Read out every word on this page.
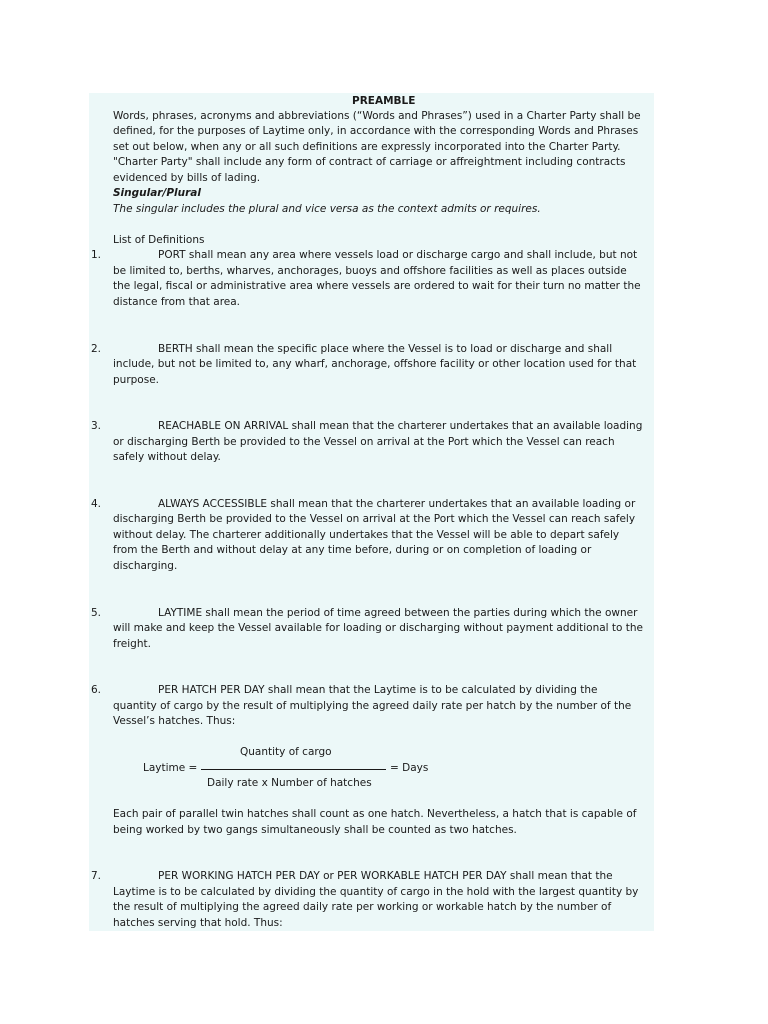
PREAMBLE
Words, phrases, acronyms and abbreviations (“Words and Phrases”) used in a Charter Party shall be
defined, for the purposes of Laytime only, in accordance with the corresponding Words and Phrases
set out below, when any or all such definitions are expressly incorporated into the Charter Party.
"Charter Party" shall include any form of contract of carriage or affreightment including contracts
evidenced by bills of lading.
Singular/Plural
The singular includes the plural and vice versa as the context admits or requires.
List of Definitions
1.	PORT shall mean any area where vessels load or discharge cargo and shall include, but not
be limited to, berths, wharves, anchorages, buoys and offshore facilities as well as places outside
the legal, fiscal or administrative area where vessels are ordered to wait for their turn no matter the
distance from that area.
2.	BERTH shall mean the specific place where the Vessel is to load or discharge and shall
include, but not be limited to, any wharf, anchorage, offshore facility or other location used for that
purpose.
3.	REACHABLE ON ARRIVAL shall mean that the charterer undertakes that an available loading
or discharging Berth be provided to the Vessel on arrival at the Port which the Vessel can reach
safely without delay.
4.	ALWAYS ACCESSIBLE shall mean that the charterer undertakes that an available loading or
discharging Berth be provided to the Vessel on arrival at the Port which the Vessel can reach safely
without delay. The charterer additionally undertakes that the Vessel will be able to depart safely
from the Berth and without delay at any time before, during or on completion of loading or
discharging.
5.	LAYTIME shall mean the period of time agreed between the parties during which the owner
will make and keep the Vessel available for loading or discharging without payment additional to the
freight.
6.	PER HATCH PER DAY shall mean that the Laytime is to be calculated by dividing the
quantity of cargo by the result of multiplying the agreed daily rate per hatch by the number of the
Vessel’s hatches. Thus:
Quantity of cargo
Laytime =	= Days
Daily rate x Number of hatches
Each pair of parallel twin hatches shall count as one hatch. Nevertheless, a hatch that is capable of
being worked by two gangs simultaneously shall be counted as two hatches.
7.	PER WORKING HATCH PER DAY or PER WORKABLE HATCH PER DAY shall mean that the
Laytime is to be calculated by dividing the quantity of cargo in the hold with the largest quantity by
the result of multiplying the agreed daily rate per working or workable hatch by the number of
hatches serving that hold. Thus:
